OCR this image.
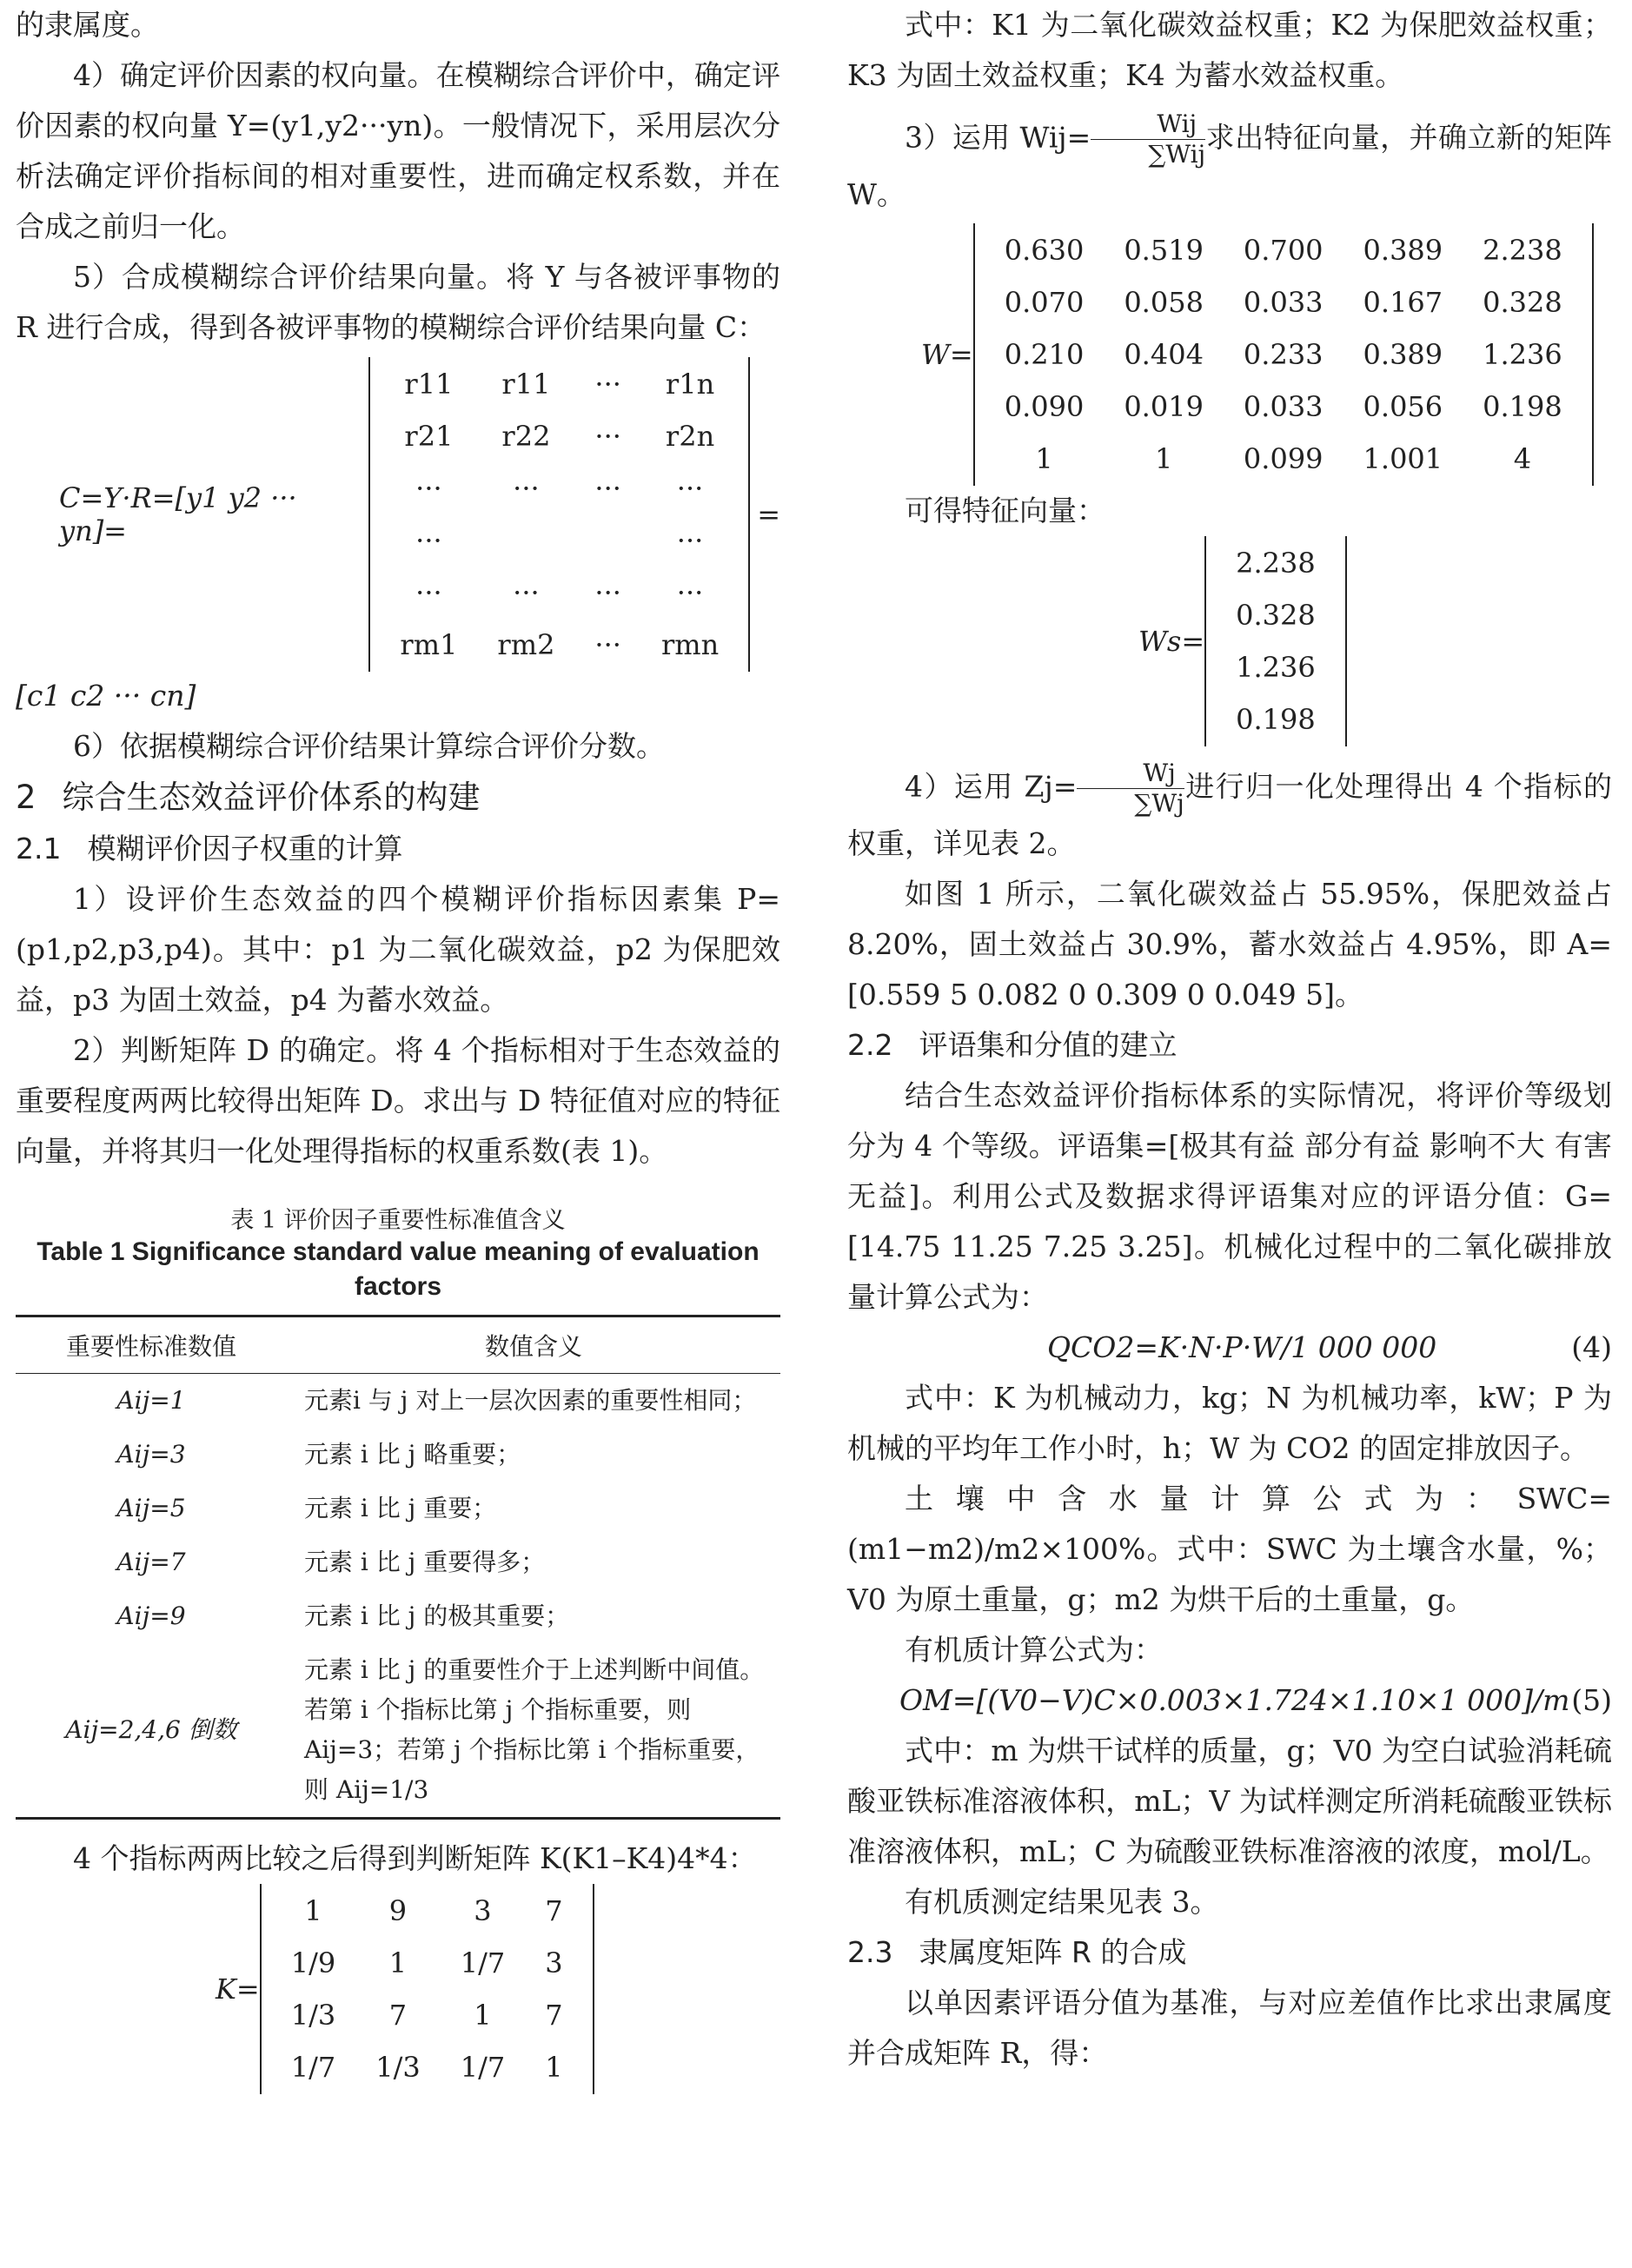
的隶属度。

4）确定评价因素的权向量。在模糊综合评价中，确定评价因素的权向量 Y=(y1,y2···yn)。一般情况下，采用层次分析法确定评价指标间的相对重要性，进而确定权系数，并在合成之前归一化。

5）合成模糊综合评价结果向量。将 Y 与各被评事物的 R 进行合成，得到各被评事物的模糊综合评价结果向量 C：

C=Y·R=[y1 y2 ··· yn]=
r11	r11	···	r1n
r21	r22	···	r2n
···	···	···	···
···			···
···	···	···	···
rm1	rm2	···	rmn
=

[c1 c2 ··· cn]

6）依据模糊综合评价结果计算综合评价分数。

2 综合生态效益评价体系的构建

2.1 模糊评价因子权重的计算

1）设评价生态效益的四个模糊评价指标因素集 P=(p1,p2,p3,p4)。其中：p1 为二氧化碳效益，p2 为保肥效益，p3 为固土效益，p4 为蓄水效益。

2）判断矩阵 D 的确定。将 4 个指标相对于生态效益的重要程度两两比较得出矩阵 D。求出与 D 特征值对应的特征向量，并将其归一化处理得指标的权重系数(表 1)。

表 1 评价因子重要性标准值含义
Table 1 Significance standard value meaning of evaluation factors
重要性标准数值	数值含义
Aij=1	元素i 与 j 对上一层次因素的重要性相同；
Aij=3	元素 i 比 j 略重要；
Aij=5	元素 i 比 j 重要；
Aij=7	元素 i 比 j 重要得多；
Aij=9	元素 i 比 j 的极其重要；
Aij=2,4,6 倒数	元素 i 比 j 的重要性介于上述判断中间值。若第 i 个指标比第 j 个指标重要，则 Aij=3；若第 j 个指标比第 i 个指标重要，则 Aij=1/3

4 个指标两两比较之后得到判断矩阵 K(K1–K4)4*4：

K=
1	9	3	7
1/9	1	1/7	3
1/3	7	1	7
1/7	1/3	1/7	1

式中：K1 为二氧化碳效益权重；K2 为保肥效益权重；K3 为固土效益权重；K4 为蓄水效益权重。

3）运用 $Wij= \frac{\text{Wij}}{\text{∑Wij}}$ 求出特征向量，并确立新的矩阵 W。

W=
0.630	0.519	0.700	0.389	2.238
0.070	0.058	0.033	0.167	0.328
0.210	0.404	0.233	0.389	1.236
0.090	0.019	0.033	0.056	0.198
1	1	0.099	1.001	4

可得特征向量：

Ws=
2.238
0.328
1.236
0.198

4）运用 $Zj= \frac{Wj}{\sum Wj}$ 进行归一化处理得出 4 个指标的权重，详见表 2。

如图 1 所示，二氧化碳效益占 55.95%，保肥效益占 8.20%，固土效益占 30.9%，蓄水效益占 4.95%，即 A=[0.559 5 0.082 0 0.309 0 0.049 5]。

2.2 评语集和分值的建立

结合生态效益评价指标体系的实际情况，将评价等级划分为 4 个等级。评语集=[极其有益 部分有益 影响不大 有害无益]。利用公式及数据求得评语集对应的评语分值：G=[14.75 11.25 7.25 3.25]。机械化过程中的二氧化碳排放量计算公式为：

QCO2=K·N·P·W/1 000 000	(4)

式中：K 为机械动力，kg；N 为机械功率，kW；P 为机械的平均年工作小时，h；W 为 CO2 的固定排放因子。

土壤中含水量计算公式为：SWC=(m1−m2)/m2×100%。式中：SWC 为土壤含水量，%；V0 为原土重量，g；m2 为烘干后的土重量，g。

有机质计算公式为：

OM=[(V0−V)C×0.003×1.724×1.10×1 000]/m (5)

式中：m 为烘干试样的质量，g；V0 为空白试验消耗硫酸亚铁标准溶液体积，mL；V 为试样测定所消耗硫酸亚铁标准溶液体积，mL；C 为硫酸亚铁标准溶液的浓度，mol/L。

有机质测定结果见表 3。

2.3 隶属度矩阵 R 的合成

以单因素评语分值为基准，与对应差值作比求出隶属度并合成矩阵 R，得：
